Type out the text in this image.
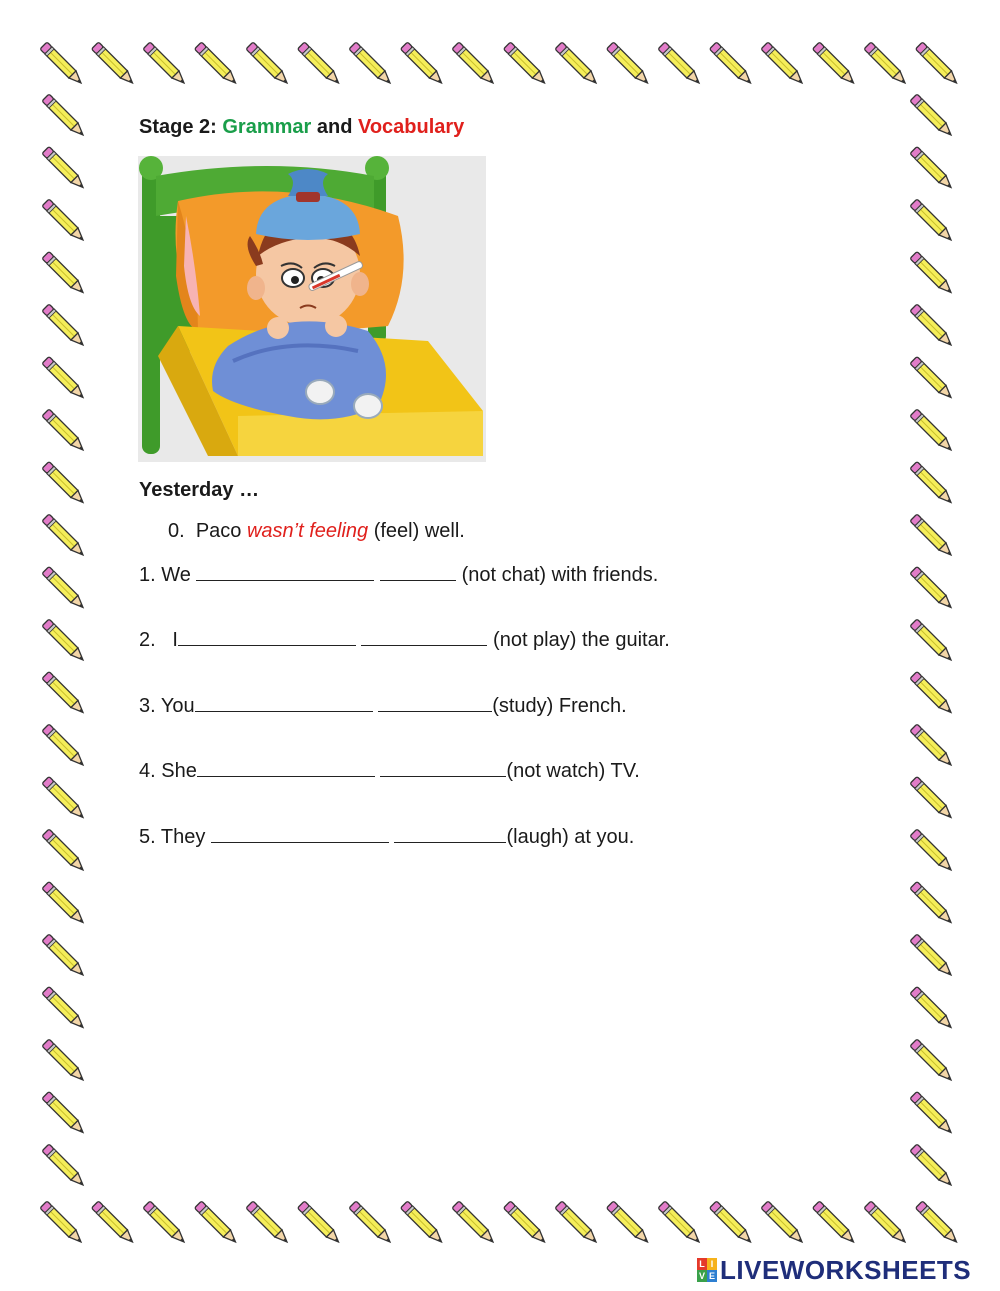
Stage 2: Grammar and Vocabulary
Yesterday …
0. Paco wasn’t feeling (feel) well.
1. We	(not chat) with friends.
2.   I	(not play) the guitar.
3. You	(study) French.
4. She	(not watch) TV.
5. They	(laugh) at you.
L I
V E LIVEWORKSHEETS
